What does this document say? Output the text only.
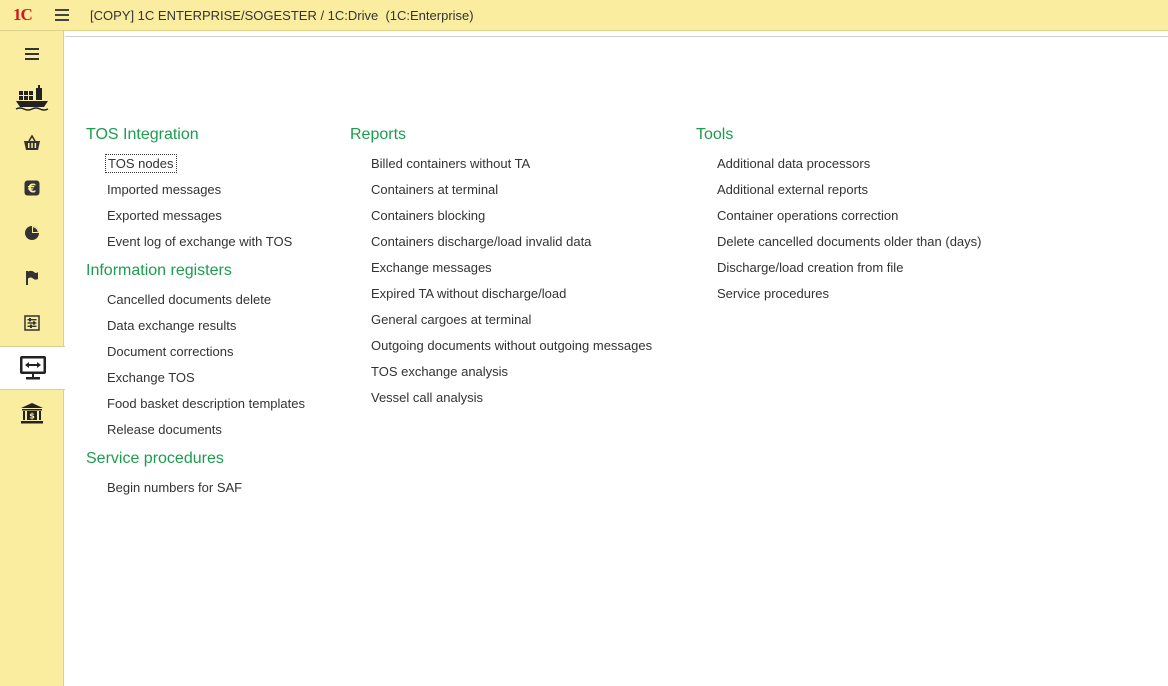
1C	[COPY] 1C ENTERPRISE/SOGESTER / 1C:Drive  (1C:Enterprise)
€
$
TOS Integration
TOS nodes
Imported messages
Exported messages
Event log of exchange with TOS
Information registers
Cancelled documents delete
Data exchange results
Document corrections
Exchange TOS
Food basket description templates
Release documents
Service procedures
Begin numbers for SAF
Reports
Billed containers without TA
Containers at terminal
Containers blocking
Containers discharge/load invalid data
Exchange messages
Expired TA without discharge/load
General cargoes at terminal
Outgoing documents without outgoing messages
TOS exchange analysis
Vessel call analysis
Tools
Additional data processors
Additional external reports
Container operations correction
Delete cancelled documents older than (days)
Discharge/load creation from file
Service procedures
